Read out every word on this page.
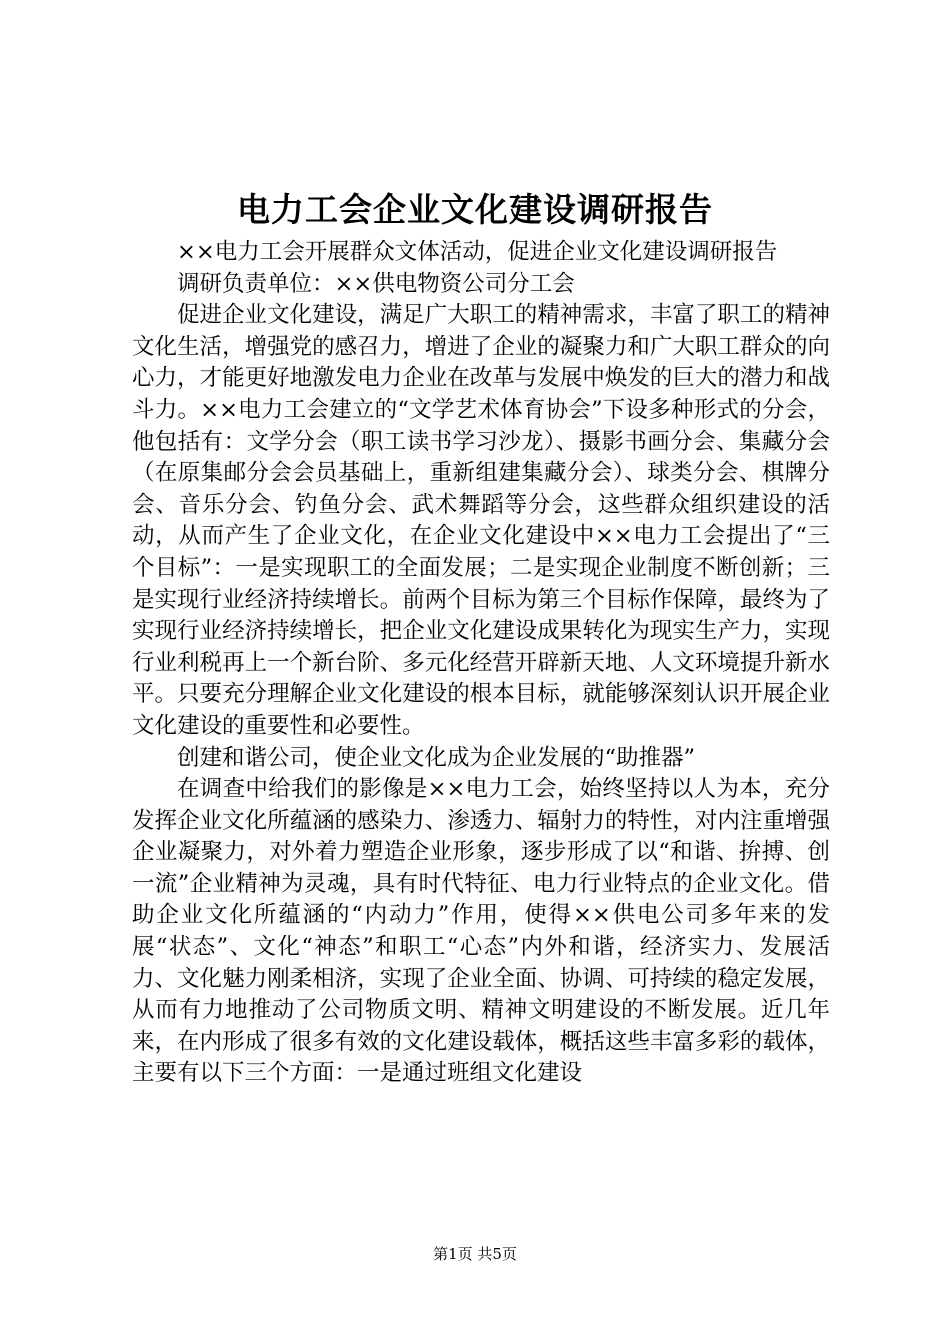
电力工会企业文化建设调研报告

××电力工会开展群众文体活动，促进企业文化建设调研报告

调研负责单位：××供电物资公司分工会

促进企业文化建设，满足广大职工的精神需求，丰富了职工的精神文化生活，增强党的感召力，增进了企业的凝聚力和广大职工群众的向心力，才能更好地激发电力企业在改革与发展中焕发的巨大的潜力和战斗力。××电力工会建立的“文学艺术体育协会”下设多种形式的分会，他包括有：文学分会（职工读书学习沙龙）、摄影书画分会、集藏分会（在原集邮分会会员基础上，重新组建集藏分会）、球类分会、棋牌分会、音乐分会、钓鱼分会、武术舞蹈等分会，这些群众组织建设的活动，从而产生了企业文化，在企业文化建设中××电力工会提出了“三个目标”：一是实现职工的全面发展；二是实现企业制度不断创新；三是实现行业经济持续增长。前两个目标为第三个目标作保障，最终为了实现行业经济持续增长，把企业文化建设成果转化为现实生产力，实现行业利税再上一个新台阶、多元化经营开辟新天地、人文环境提升新水平。只要充分理解企业文化建设的根本目标，就能够深刻认识开展企业文化建设的重要性和必要性。

创建和谐公司，使企业文化成为企业发展的“助推器”

在调查中给我们的影像是××电力工会，始终坚持以人为本，充分发挥企业文化所蕴涵的感染力、渗透力、辐射力的特性，对内注重增强企业凝聚力，对外着力塑造企业形象，逐步形成了以“和谐、拚搏、创一流”企业精神为灵魂，具有时代特征、电力行业特点的企业文化。借助企业文化所蕴涵的“内动力”作用，使得××供电公司多年来的发展“状态”、文化“神态”和职工“心态”内外和谐，经济实力、发展活力、文化魅力刚柔相济，实现了企业全面、协调、可持续的稳定发展，从而有力地推动了公司物质文明、精神文明建设的不断发展。近几年来，在内形成了很多有效的文化建设载体，概括这些丰富多彩的载体，主要有以下三个方面：一是通过班组文化建设

第1页 共5页
